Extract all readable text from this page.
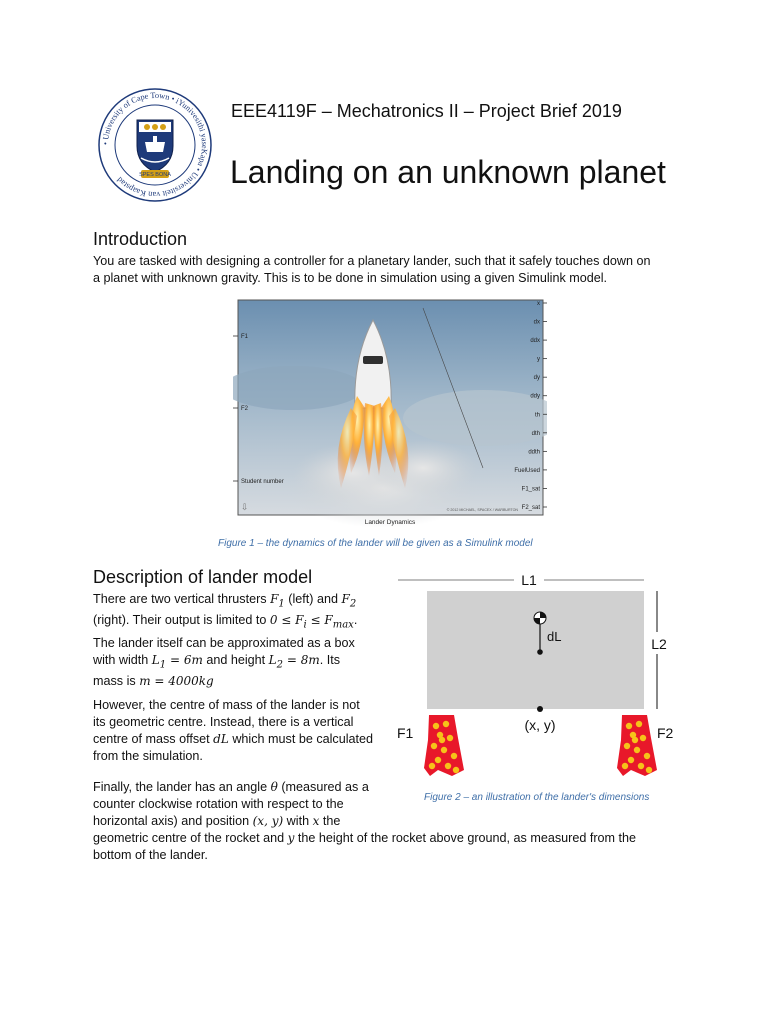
• University of Cape Town • iYunivesithi yaseKapa • Universiteit van Kaapstad
SPES BONA
EEE4119F – Mechatronics II – Project Brief 2019
Landing on an unknown planet
Introduction
You are tasked with designing a controller for a planetary lander, such that it safely touches down on
a planet with unknown gravity. This is to be done in simulation using a given Simulink model.
F1
F2
Student number
x
dx
ddx
y
dy
ddy
th
dth
ddth
FuelUsed
F1_sat
F2_sat
© 2012 MICHAEL, SPACEX / WARBURTON
⇩
Lander Dynamics
Figure 1 – the dynamics of the lander will be given as a Simulink model
Description of lander model
There are two vertical thrusters $F_1$ (left) and $F_2$
(right). Their output is limited to $0 \le F_i \le F_{max}$.
The lander itself can be approximated as a box
with width $L_1 = 6m$ and height $L_2 = 8m$. Its
mass is m = 4000kg
However, the centre of mass of the lander is not
its geometric centre. Instead, there is a vertical
centre of mass offset dL which must be calculated
from the simulation.
Finally, the lander has an angle θ (measured as a
counter clockwise rotation with respect to the
horizontal axis) and position (x, y) with x the
geometric centre of the rocket and y the height of the rocket above ground, as measured from the
bottom of the lander.
L1
L2
dL
(x, y)
F1	F2
Figure 2 – an illustration of the lander's dimensions
